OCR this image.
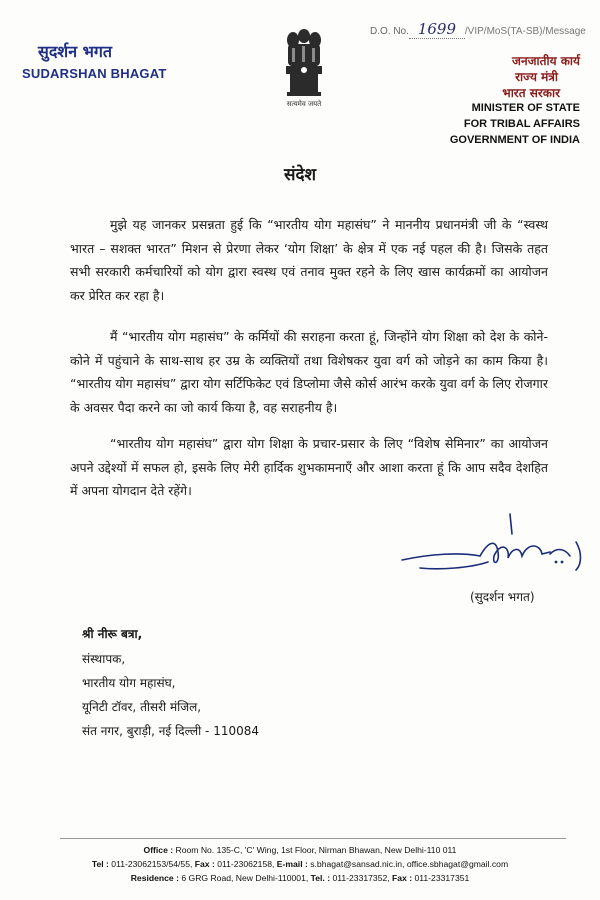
सुदर्शन भगत
SUDARSHAN BHAGAT
सत्यमेव जयते
D.O. No. 1699 /VIP/MoS(TA-SB)/Message
जनजातीय कार्य
राज्य मंत्री
भारत सरकार
MINISTER OF STATE
FOR TRIBAL AFFAIRS
GOVERNMENT OF INDIA
संदेश
मुझे यह जानकर प्रसन्नता हुई कि “भारतीय योग महासंघ” ने माननीय प्रधानमंत्री जी के “स्वस्थ भारत – सशक्त भारत” मिशन से प्रेरणा लेकर ‘योग शिक्षा’ के क्षेत्र में एक नई पहल की है। जिसके तहत सभी सरकारी कर्मचारियों को योग द्वारा स्वस्थ एवं तनाव मुक्त रहने के लिए खास कार्यक्रमों का आयोजन कर प्रेरित कर रहा है।
मैं “भारतीय योग महासंघ” के कर्मियों की सराहना करता हूं, जिन्होंने योग शिक्षा को देश के कोने-कोने में पहुंचाने के साथ-साथ हर उम्र के व्यक्तियों तथा विशेषकर युवा वर्ग को जोड़ने का काम किया है। “भारतीय योग महासंघ” द्वारा योग सर्टिफिकेट एवं डिप्लोमा जैसे कोर्स आरंभ करके युवा वर्ग के लिए रोजगार के अवसर पैदा करने का जो कार्य किया है, वह सराहनीय है।
“भारतीय योग महासंघ” द्वारा योग शिक्षा के प्रचार-प्रसार के लिए “विशेष सेमिनार” का आयोजन अपने उद्देश्यों में सफल हो, इसके लिए मेरी हार्दिक शुभकामनाएँ और आशा करता हूं कि आप सदैव देशहित में अपना योगदान देते रहेंगे।
(सुदर्शन भगत)
श्री नीरू बत्रा,
संस्थापक,
भारतीय योग महासंघ,
यूनिटी टॉवर, तीसरी मंजिल,
संत नगर, बुराड़ी, नई दिल्ली - 110084
Office : Room No. 135-C, 'C' Wing, 1st Floor, Nirman Bhawan, New Delhi-110 011
Tel : 011-23062153/54/55, Fax : 011-23062158, E-mail : s.bhagat@sansad.nic.in, office.sbhagat@gmail.com
Residence : 6 GRG Road, New Delhi-110001, Tel. : 011-23317352, Fax : 011-23317351
